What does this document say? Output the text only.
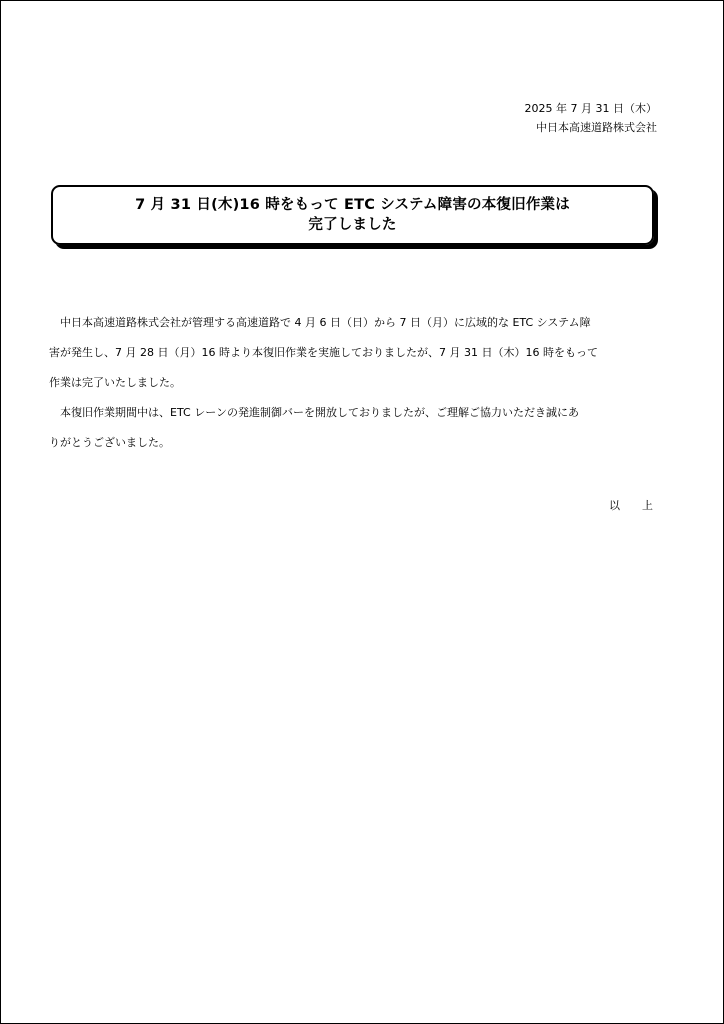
2025 年 7 月 31 日（木）
中日本高速道路株式会社
7 月 31 日(木)16 時をもって ETC システム障害の本復旧作業は
完了しました
　中日本高速道路株式会社が管理する高速道路で 4 月 6 日（日）から 7 日（月）に広域的な ETC システム障
害が発生し、7 月 28 日（月）16 時より本復旧作業を実施しておりましたが、7 月 31 日（木）16 時をもって
作業は完了いたしました。
　本復旧作業期間中は、ETC レーンの発進制御バーを開放しておりましたが、ご理解ご協力いただき誠にあ
りがとうございました。
以　　上
